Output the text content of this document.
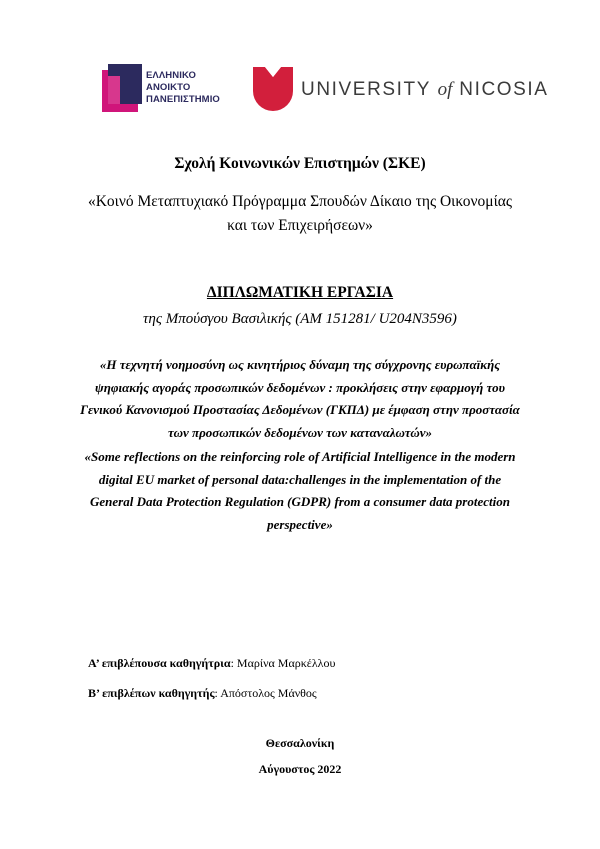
ΕΛΛΗΝΙΚΟ
ΑΝΟΙΚΤΟ
ΠΑΝΕΠΙΣΤΗΜΙΟ	UNIVERSITY of NICOSIA
Σχολή Κοινωνικών Επιστημών (ΣΚΕ)
«Κοινό Μεταπτυχιακό Πρόγραμμα Σπουδών Δίκαιο της Οικονομίας
και των Επιχειρήσεων»
ΔΙΠΛΩΜΑΤΙΚΗ ΕΡΓΑΣΙΑ
της Μπούσγου Βασιλικής (ΑΜ 151281/ U204N3596)
«Η τεχνητή νοημοσύνη ως κινητήριος δύναμη της σύγχρονης ευρωπαϊκής ψηφιακής αγοράς προσωπικών δεδομένων : προκλήσεις στην εφαρμογή του Γενικού Κανονισμού Προστασίας Δεδομένων (ΓΚΠΔ) με έμφαση στην προστασία των προσωπικών δεδομένων των καταναλωτών»
«Some reflections on the reinforcing role of Artificial Intelligence in the modern digital EU market of personal data:challenges in the implementation of the General Data Protection Regulation (GDPR) from a consumer data protection perspective»
Α’ επιβλέπουσα καθηγήτρια: Μαρίνα Μαρκέλλου
Β’ επιβλέπων καθηγητής: Απόστολος Μάνθος
Θεσσαλονίκη
Αύγουστος 2022
